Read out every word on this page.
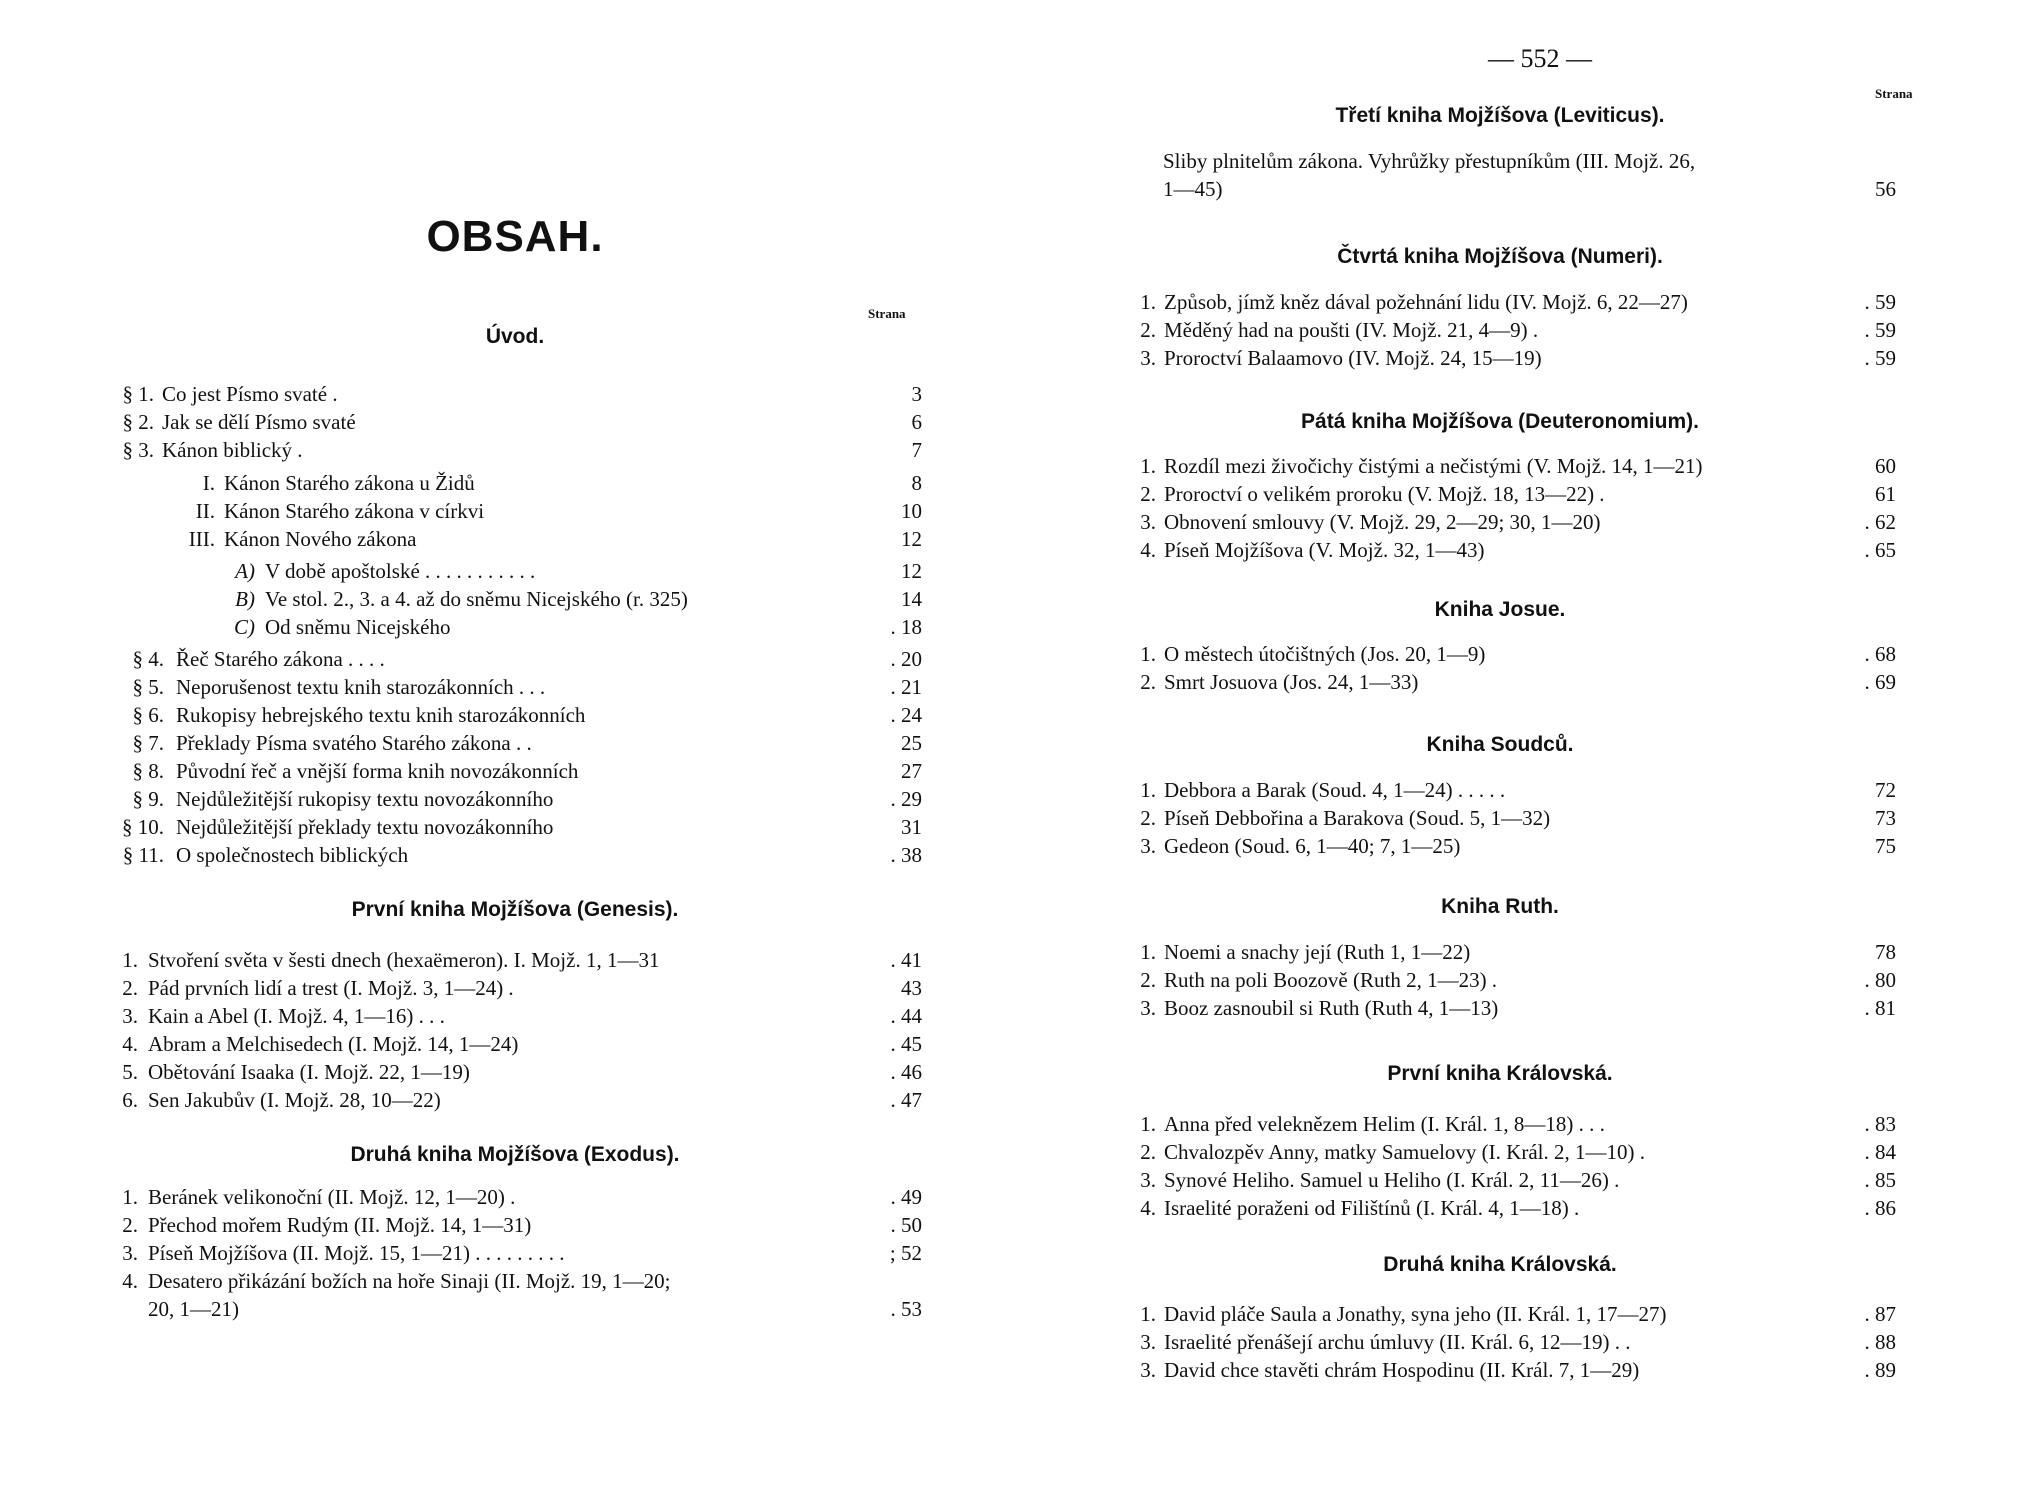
OBSAH.
Strana
Úvod.
§ 1. Co jest Písmo svaté .	3
§ 2. Jak se dělí Písmo svaté	6
§ 3. Kánon biblický .	7
I. Kánon Starého zákona u Židů	8
II. Kánon Starého zákona v církvi	10
III. Kánon Nového zákona	12
A) V době apoštolské . . . . . . . . . . .	12
B) Ve stol. 2., 3. a 4. až do sněmu Nicejského (r. 325)	14
C) Od sněmu Nicejského	. 18
§ 4. Řeč Starého zákona . . . .	. 20
§ 5. Neporušenost textu knih starozákonních . . .	. 21
§ 6. Rukopisy hebrejského textu knih starozákonních	. 24
§ 7. Překlady Písma svatého Starého zákona . .	25
§ 8. Původní řeč a vnější forma knih novozákonních	27
§ 9. Nejdůležitější rukopisy textu novozákonního	. 29
§ 10. Nejdůležitější překlady textu novozákonního	31
§ 11. O společnostech biblických	. 38
První kniha Mojžíšova (Genesis).
1. Stvoření světa v šesti dnech (hexaëmeron). I. Mojž. 1, 1—31	. 41
2. Pád prvních lidí a trest (I. Mojž. 3, 1—24) .	43
3. Kain a Abel (I. Mojž. 4, 1—16) . . .	. 44
4. Abram a Melchisedech (I. Mojž. 14, 1—24)	. 45
5. Obětování Isaaka (I. Mojž. 22, 1—19)	. 46
6. Sen Jakubův (I. Mojž. 28, 10—22)	. 47
Druhá kniha Mojžíšova (Exodus).
1. Beránek velikonoční (II. Mojž. 12, 1—20) .	. 49
2. Přechod mořem Rudým (II. Mojž. 14, 1—31)	. 50
3. Píseň Mojžíšova (II. Mojž. 15, 1—21) . . . . . . . . .	; 52
4. Desatero přikázání božích na hoře Sinaji (II. Mojž. 19, 1—20;
20, 1—21)	. 53
— 552 —
Strana
Třetí kniha Mojžíšova (Leviticus).
Sliby plnitelům zákona. Vyhrůžky přestupníkům (III. Mojž. 26,
1—45)	56
Čtvrtá kniha Mojžíšova (Numeri).
1. Způsob, jímž kněz dával požehnání lidu (IV. Mojž. 6, 22—27)	. 59
2. Měděný had na poušti (IV. Mojž. 21, 4—9) .	. 59
3. Proroctví Balaamovo (IV. Mojž. 24, 15—19)	. 59
Pátá kniha Mojžíšova (Deuteronomium).
1. Rozdíl mezi živočichy čistými a nečistými (V. Mojž. 14, 1—21)	60
2. Proroctví o velikém proroku (V. Mojž. 18, 13—22) .	61
3. Obnovení smlouvy (V. Mojž. 29, 2—29; 30, 1—20)	. 62
4. Píseň Mojžíšova (V. Mojž. 32, 1—43)	. 65
Kniha Josue.
1. O městech útočištných (Jos. 20, 1—9)	. 68
2. Smrt Josuova (Jos. 24, 1—33)	. 69
Kniha Soudců.
1. Debbora a Barak (Soud. 4, 1—24) . . . . .	72
2. Píseň Debbořina a Barakova (Soud. 5, 1—32)	73
3. Gedeon (Soud. 6, 1—40; 7, 1—25)	75
Kniha Ruth.
1. Noemi a snachy její (Ruth 1, 1—22)	78
2. Ruth na poli Boozově (Ruth 2, 1—23) .	. 80
3. Booz zasnoubil si Ruth (Ruth 4, 1—13)	. 81
První kniha Královská.
1. Anna před veleknězem Helim (I. Král. 1, 8—18) . . .	. 83
2. Chvalozpěv Anny, matky Samuelovy (I. Král. 2, 1—10) .	. 84
3. Synové Heliho. Samuel u Heliho (I. Král. 2, 11—26) .	. 85
4. Israelité poraženi od Filištínů (I. Král. 4, 1—18) .	. 86
Druhá kniha Královská.
1. David pláče Saula a Jonathy, syna jeho (II. Král. 1, 17—27)	. 87
3. Israelité přenášejí archu úmluvy (II. Král. 6, 12—19) . .	. 88
3. David chce stavěti chrám Hospodinu (II. Král. 7, 1—29)	. 89
